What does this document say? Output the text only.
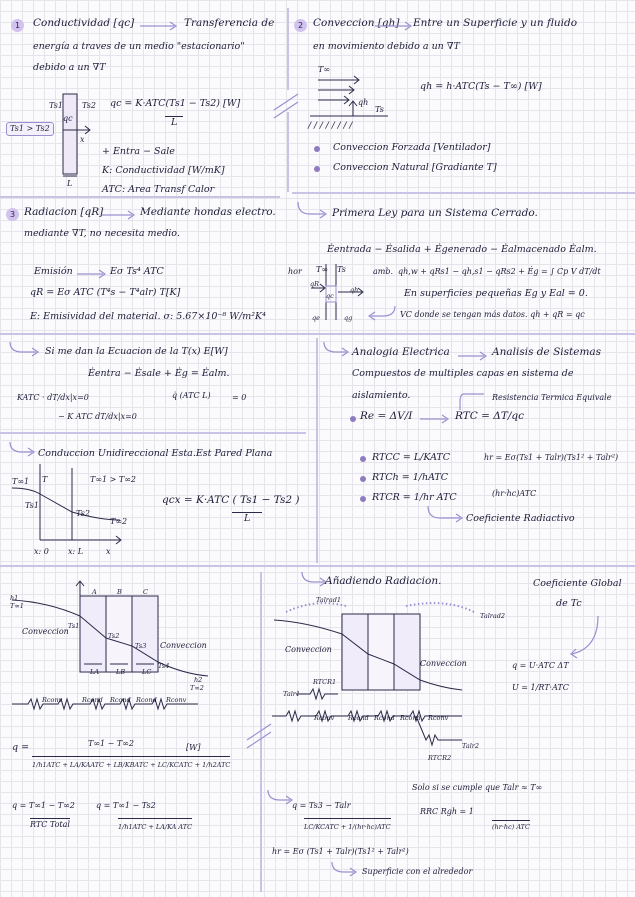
1	Conductividad [qc]	Transferencia de
energía a traves de un medio "estacionario"
debido a un ∇T
Ts1 Ts2
qc
x
L
Ts1 > Ts2
qc = K·ATC(Ts1 − Ts2) [W]
L
+ Entra − Sale
K: Conductividad [W/mK]
ATC: Area Transf Calor
2 Conveccion [qh] Entre un Superficie y un fluido
en movimiento debido a un ∇T
/ / / / / / / /
T∞
qh
Ts
qh = h·ATC(Ts − T∞) [W]
Conveccion Forzada [Ventilador]
Conveccion Natural [Gradiante T]
3 Radiacion [qR]	Mediante hondas electro.
mediante ∇T, no necesita medio.
Emisión	Eσ Ts⁴ ATC
qR = Eσ ATC (T⁴s − T⁴alr) T[K]
E: Emisividad del material. σ: 5.67×10⁻⁸ W/m²K⁴
Primera Ley para un Sistema Cerrado.
Ėentrada − Ėsalida + Ėgenerado − Ėalmacenado Ėalm.
hor T∞ Ts
qR
qc
qh
qe	qg
amb. qh,w + qRs1 − qh,s1 − qRs2 + Ėg = ∫ Cp V dT/dt
En superficies pequeñas Eg y Eal = 0.
VC donde se tengan más datos. qh + qR = qc
Si me dan la Ecuacion de la T(x) E[W]
Ėentra − Ėsale + Ėg = Ėalm.
KATC · dT/dx|x=0	q̇ (ATC L)	= 0
− K ATC dT/dx|x=0
Analogia Electrica	Analisis de Sistemas
Compuestos de multiples capas en sistema de
aislamiento.
Re = ΔV/I	RTC = ΔT/qc
Resistencia Termica Equivale
Conduccion Unidireccional Esta.Est Pared Plana
T∞1 T	T∞1 > T∞2
Ts1
Ts2
T∞2
x: 0 x: L	x
qcx = K·ATC ( Ts1 − Ts2 )
L
RTCC = L/KATC
RTCh = 1/hATC
RTCR = 1/hr ATC
hr = Eσ(Ts1 + Talr)(Ts1² + Talr²)
(hr·hc)ATC
Coeficiente Radiactivo
h1
T∞1
A	B	C
Ts1
Ts2
Ts3
Ts4
h2
T∞2
LA	LB	LC
Conveccion
Conveccion
Rconv	Rcond Rcond Rcond Rconv
q =	T∞1 − T∞2
1/h1ATC + LA/KAATC + LB/KBATC + LC/KCATC + 1/h2ATC
[W]
q = T∞1 − T∞2
RTC Total
q = T∞1 − Ts2
1/h1ATC + LA/KA ATC
Añadiendo Radiacion.
Talrad1
Talrad2
Conveccion
Conveccion
RTCR1
Talr1
Rconv Rcond Rcond Rcond Rconv
Talr2
RTCR2
Solo si se cumple que Talr ≈ T∞
RRC Rgh = 1
(hr·hc) ATC
q = Ts3 − Talr
LC/KCATC + 1/(hr·hc)ATC
hr = Eσ (Ts1 + Talr)(Ts1² + Talr²)
Superficie con el alrededor
Coeficiente Global
de Tc
q = U·ATC ΔT
U = 1/RT·ATC
